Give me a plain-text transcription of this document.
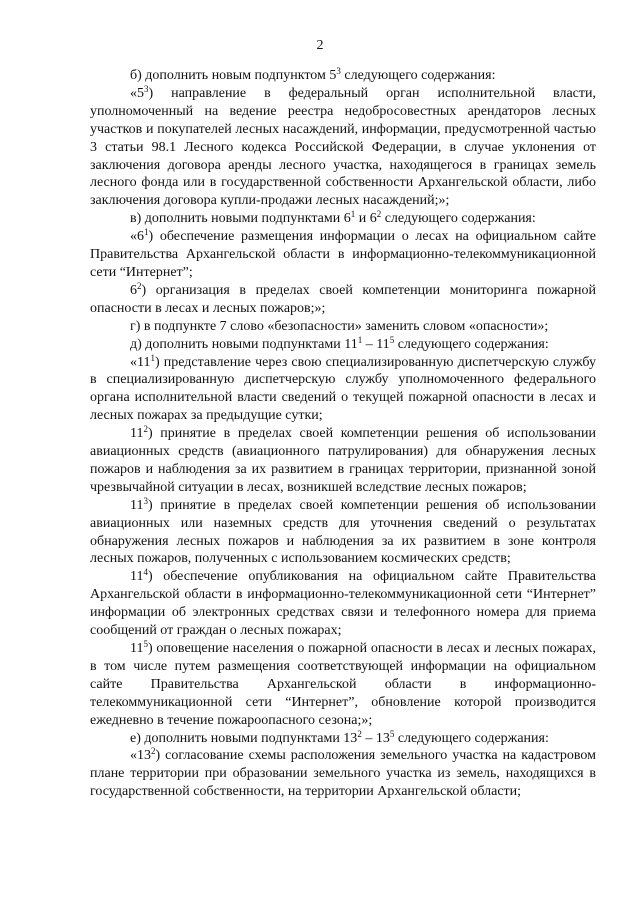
2

б) дополнить новым подпунктом $5^3$ следующего содержания:

«$5^3$) направление в федеральный орган исполнительной власти, уполномоченный на ведение реестра недобросовестных арендаторов лесных участков и покупателей лесных насаждений, информации, предусмотренной частью 3 статьи 98.1 Лесного кодекса Российской Федерации, в случае уклонения от заключения договора аренды лесного участка, находящегося в границах земель лесного фонда или в государственной собственности Архангельской области, либо заключения договора купли-продажи лесных насаждений;»;

в) дополнить новыми подпунктами $6^1$ и $6^2$ следующего содержания:

«$6^1$) обеспечение размещения информации о лесах на официальном сайте Правительства Архангельской области в информационно-телекоммуникационной сети “Интернет”;

$6^2$) организация в пределах своей компетенции мониторинга пожарной опасности в лесах и лесных пожаров;»;

г) в подпункте 7 слово «безопасности» заменить словом «опасности»;

д) дополнить новыми подпунктами $11^1 - 11^5$ следующего содержания:

«$11^1$) представление через свою специализированную диспетчерскую службу в специализированную диспетчерскую службу уполномоченного федерального органа исполнительной власти сведений о текущей пожарной опасности в лесах и лесных пожарах за предыдущие сутки;

$11^2$) принятие в пределах своей компетенции решения об использовании авиационных средств (авиационного патрулирования) для обнаружения лесных пожаров и наблюдения за их развитием в границах территории, признанной зоной чрезвычайной ситуации в лесах, возникшей вследствие лесных пожаров;

$11^3$) принятие в пределах своей компетенции решения об использовании авиационных или наземных средств для уточнения сведений о результатах обнаружения лесных пожаров и наблюдения за их развитием в зоне контроля лесных пожаров, полученных с использованием космических средств;

$11^4$) обеспечение опубликования на официальном сайте Правительства Архангельской области в информационно-телекоммуникационной сети “Интернет” информации об электронных средствах связи и телефонного номера для приема сообщений от граждан о лесных пожарах;

$11^5$) оповещение населения о пожарной опасности в лесах и лесных пожарах, в том числе путем размещения соответствующей информации на официальном сайте Правительства Архангельской области в информационно-телекоммуникационной сети “Интернет”, обновление которой производится ежедневно в течение пожароопасного сезона;»;

е) дополнить новыми подпунктами $13^2 - 13^5$ следующего содержания:

«$13^2$) согласование схемы расположения земельного участка на кадастровом плане территории при образовании земельного участка из земель, находящихся в государственной собственности, на территории Архангельской области;
